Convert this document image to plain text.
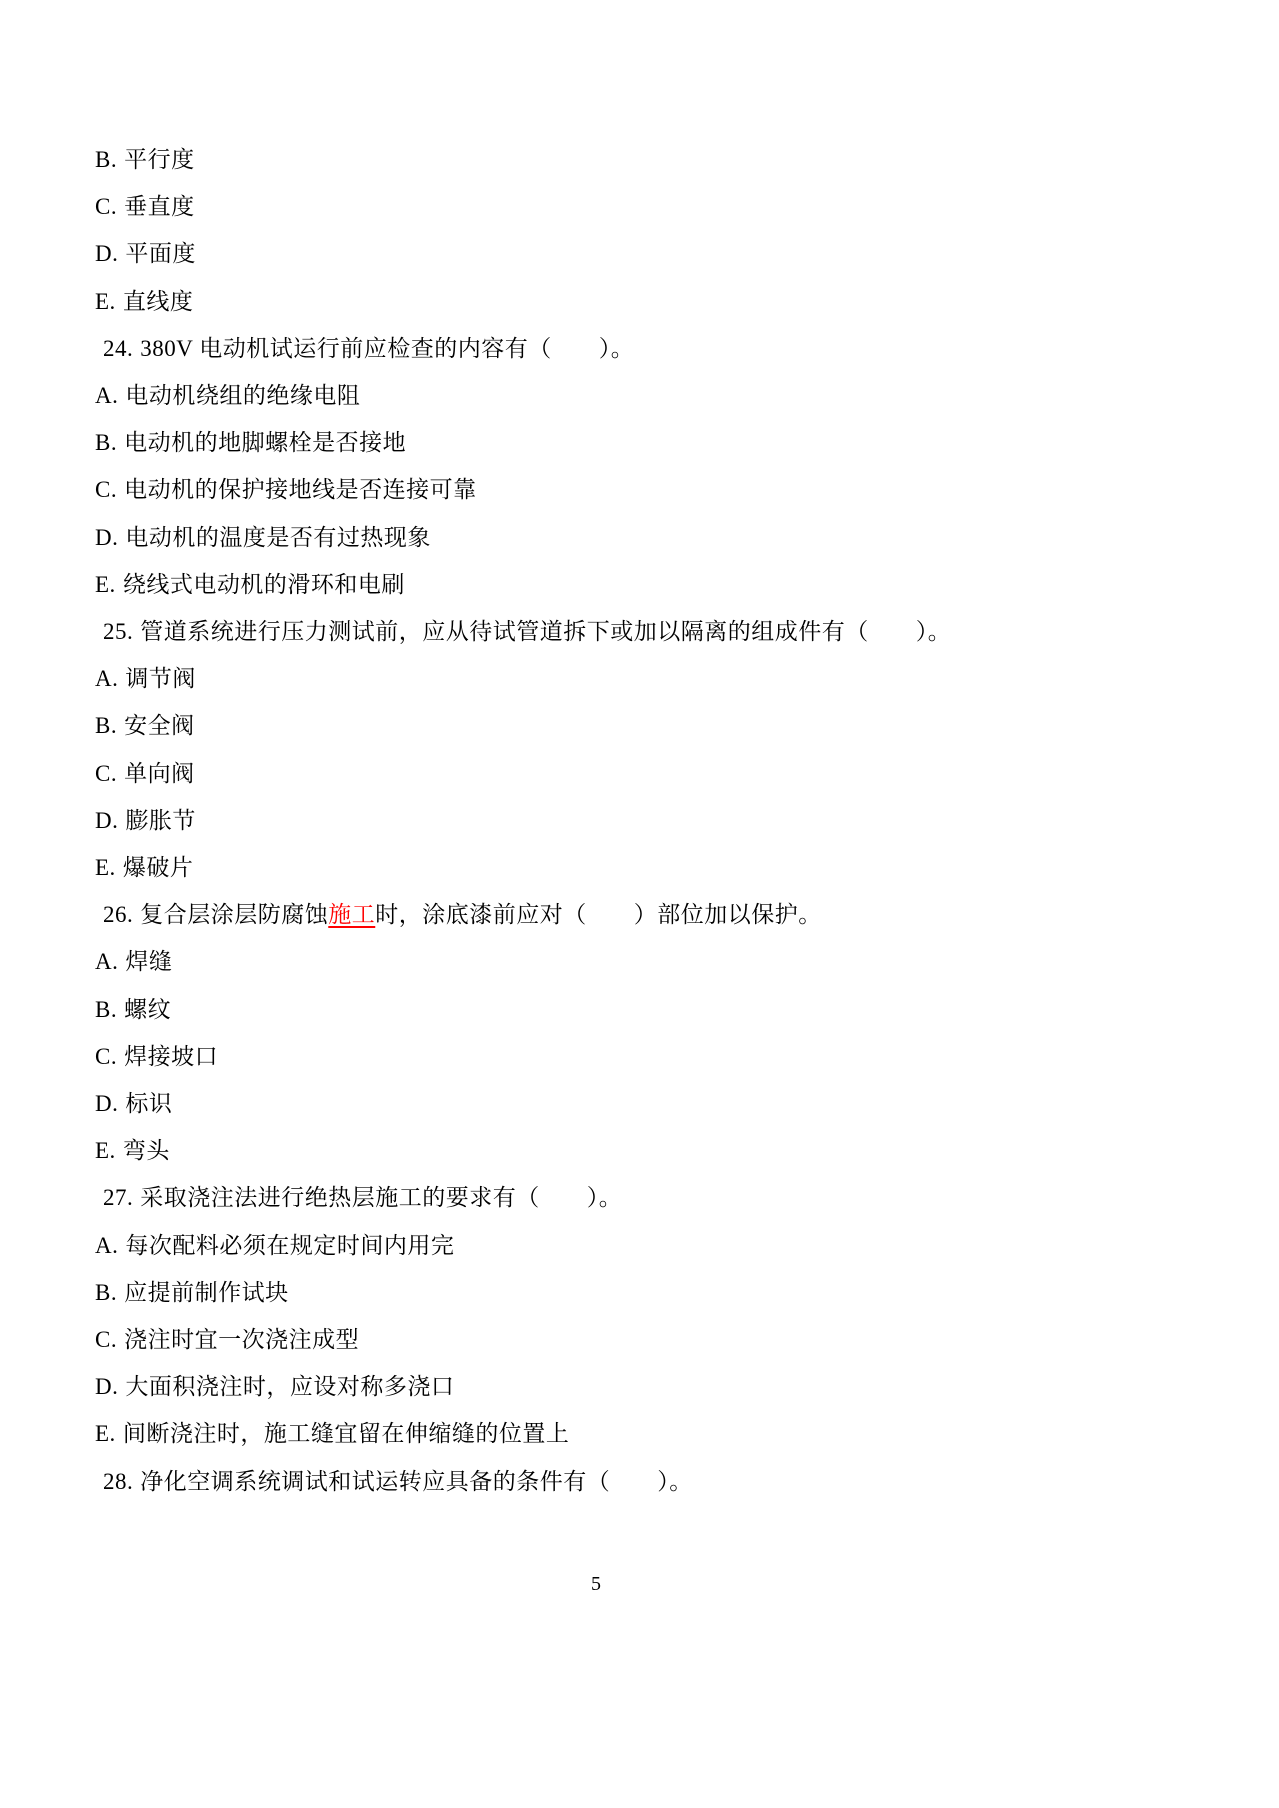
B. 平行度

C. 垂直度

D. 平面度

E. 直线度

24. 380V 电动机试运行前应检查的内容有（　　）。

A. 电动机绕组的绝缘电阻

B. 电动机的地脚螺栓是否接地

C. 电动机的保护接地线是否连接可靠

D. 电动机的温度是否有过热现象

E. 绕线式电动机的滑环和电刷

25. 管道系统进行压力测试前，应从待试管道拆下或加以隔离的组成件有（　　）。

A. 调节阀

B. 安全阀

C. 单向阀

D. 膨胀节

E. 爆破片

26. 复合层涂层防腐蚀施工时，涂底漆前应对（　　）部位加以保护。

A. 焊缝

B. 螺纹

C. 焊接坡口

D. 标识

E. 弯头

27. 采取浇注法进行绝热层施工的要求有（　　）。

A. 每次配料必须在规定时间内用完

B. 应提前制作试块

C. 浇注时宜一次浇注成型

D. 大面积浇注时，应设对称多浇口

E. 间断浇注时，施工缝宜留在伸缩缝的位置上

28. 净化空调系统调试和试运转应具备的条件有（　　）。

5
